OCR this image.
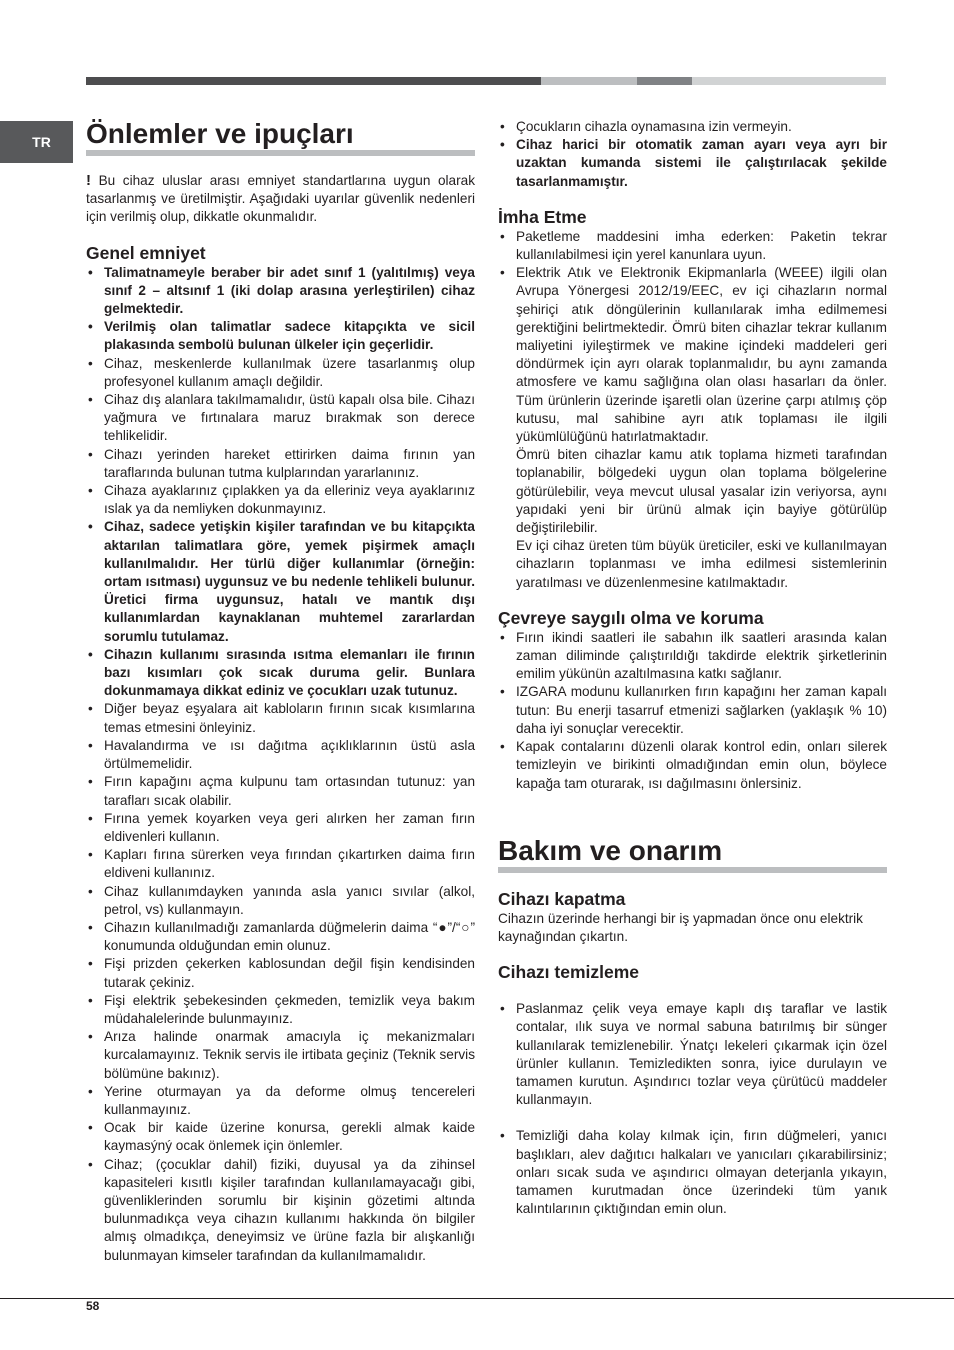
TR	Önlemler ve ipuçları

! Bu cihaz uluslar arası emniyet standartlarına uygun olarak tasarlanmış ve üretilmiştir. Aşağıdaki uyarılar güvenlik nedenleri için verilmiş olup, dikkatle okunmalıdır.

Genel emniyet
• Talimatnameyle beraber bir adet sınıf 1 (yalıtılmış) veya sınıf 2 – altsınıf 1 (iki dolap arasına yerleştirilen) cihaz gelmektedir.
• Verilmiş olan talimatlar sadece kitapçıkta ve sicil plakasında sembolü bulunan ülkeler için geçerlidir.
• Cihaz, meskenlerde kullanılmak üzere tasarlanmış olup profesyonel kullanım amaçlı değildir.
• Cihaz dış alanlara takılmamalıdır, üstü kapalı olsa bile. Cihazı yağmura ve fırtınalara maruz bırakmak son derece tehlikelidir.
• Cihazı yerinden hareket ettirirken daima fırının yan taraflarında bulunan tutma kulplarından yararlanınız.
• Cihaza ayaklarınız çıplakken ya da elleriniz veya ayaklarınız ıslak ya da nemliyken dokunmayınız.
• Cihaz, sadece yetişkin kişiler tarafından ve bu kitapçıkta aktarılan talimatlara göre, yemek pişirmek amaçlı kullanılmalıdır. Her türlü diğer kullanımlar (örneğin: ortam ısıtması) uygunsuz ve bu nedenle tehlikeli bulunur. Üretici firma uygunsuz, hatalı ve mantık dışı kullanımlardan kaynaklanan muhtemel zararlardan sorumlu tutulamaz.
• Cihazın kullanımı sırasında ısıtma elemanları ile fırının bazı kısımları çok sıcak duruma gelir. Bunlara dokunmamaya dikkat ediniz ve çocukları uzak tutunuz.
• Diğer beyaz eşyalara ait kabloların fırının sıcak kısımlarına temas etmesini önleyiniz.
• Havalandırma ve ısı dağıtma açıklıklarının üstü asla örtülmemelidir.
• Fırın kapağını açma kulpunu tam ortasından tutunuz: yan tarafları sıcak olabilir.
• Fırına yemek koyarken veya geri alırken her zaman fırın eldivenleri kullanın.
• Kapları fırına sürerken veya fırından çıkartırken daima fırın eldiveni kullanınız.
• Cihaz kullanımdayken yanında asla yanıcı sıvılar (alkol, petrol, vs) kullanmayın.
• Cihazın kullanılmadığı zamanlarda düğmelerin daima “●”/“○” konumunda olduğundan emin olunuz.
• Fişi prizden çekerken kablosundan değil fişin kendisinden tutarak çekiniz.
• Fişi elektrik şebekesinden çekmeden, temizlik veya bakım müdahalelerinde bulunmayınız.
• Arıza halinde onarmak amacıyla iç mekanizmaları kurcalamayınız. Teknik servis ile irtibata geçiniz (Teknik servis bölümüne bakınız).
• Yerine oturmayan ya da deforme olmuş tencereleri kullanmayınız.
• Ocak bir kaide üzerine konursa, gerekli almak kaide kaymasýný ocak önlemek için önlemler.
• Cihaz; (çocuklar dahil) fiziki, duyusal ya da zihinsel kapasiteleri kısıtlı kişiler tarafından kullanılamayacağı gibi, güvenliklerinden sorumlu bir kişinin gözetimi altında bulunmadıkça veya cihazın kullanımı hakkında ön bilgiler almış olmadıkça, deneyimsiz ve ürüne fazla bir alışkanlığı bulunmayan kimseler tarafından da kullanılmamalıdır.
• Çocukların cihazla oynamasına izin vermeyin.
• Cihaz harici bir otomatik zaman ayarı veya ayrı bir uzaktan kumanda sistemi ile çalıştırılacak şekilde tasarlanmamıştır.
İmha Etme
• Paketleme maddesini imha ederken: Paketin tekrar kullanılabilmesi için yerel kanunlara uyun.
• Elektrik Atık ve Elektronik Ekipmanlarla (WEEE) ilgili olan Avrupa Yönergesi 2012/19/EEC, ev içi cihazların normal şehiriçi atık döngülerinin kullanılarak imha edilmemesi gerektiğini belirtmektedir. Ömrü biten cihazlar tekrar kullanım maliyetini iyileştirmek ve makine içindeki maddeleri geri döndürmek için ayrı olarak toplanmalıdır, bu aynı zamanda atmosfere ve kamu sağlığına olan olası hasarları da önler. Tüm ürünlerin üzerinde işaretli olan üzerine çarpı atılmış çöp kutusu, mal sahibine ayrı atık toplaması ile ilgili yükümlülüğünü hatırlatmaktadır.
Ömrü biten cihazlar kamu atık toplama hizmeti tarafından toplanabilir, bölgedeki uygun olan toplama bölgelerine götürülebilir, veya mevcut ulusal yasalar izin veriyorsa, aynı yapıdaki yeni bir ürünü almak için bayiye götürülüp değiştirilebilir.
Ev içi cihaz üreten tüm büyük üreticiler, eski ve kullanılmayan cihazların toplanması ve imha edilmesi sistemlerinin yaratılması ve düzenlenmesine katılmaktadır.
Çevreye saygılı olma ve koruma
• Fırın ikindi saatleri ile sabahın ilk saatleri arasında kalan zaman diliminde çalıştırıldığı takdirde elektrik şirketlerinin emilim yükünün azaltılmasına katkı sağlanır.
• IZGARA modunu kullanırken fırın kapağını her zaman kapalı tutun: Bu enerji tasarruf etmenizi sağlarken (yaklaşık % 10) daha iyi sonuçlar verecektir.
• Kapak contalarını düzenli olarak kontrol edin, onları silerek temizleyin ve birikinti olmadığından emin olun, böylece kapağa tam oturarak, ısı dağılmasını önlersiniz.
Bakım ve onarım
Cihazı kapatma

Cihazın üzerinde herhangi bir iş yapmadan önce onu elektrik kaynağından çıkartın.

Cihazı temizleme
• Paslanmaz çelik veya emaye kaplı dış taraflar ve lastik contalar, ılık suya ve normal sabuna batırılmış bir sünger kullanılarak temizlenebilir. Ýnatçı lekeleri çıkarmak için özel ürünler kullanın. Temizledikten sonra, iyice durulayın ve tamamen kurutun. Aşındırıcı tozlar veya çürütücü maddeler kullanmayın.
• Temizliği daha kolay kılmak için, fırın düğmeleri, yanıcı başlıkları, alev dağıtıcı halkaları ve yanıcıları çıkarabilirsiniz; onları sıcak suda ve aşındırıcı olmayan deterjanla yıkayın, tamamen kurutmadan önce üzerindeki tüm yanık kalıntılarının çıktığından emin olun.
58
